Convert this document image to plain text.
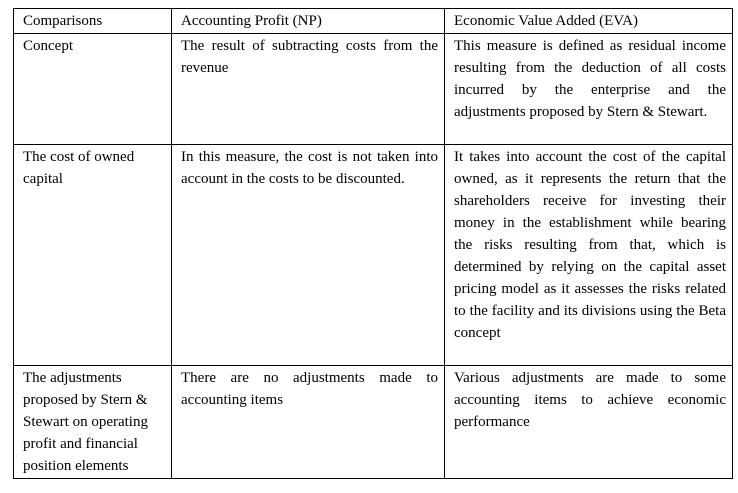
Comparisons	Accounting Profit (NP)	Economic Value Added (EVA)
Concept	The result of subtracting costs from the revenue	This measure is defined as residual income resulting from the deduction of all costs incurred by the enterprise and the adjustments proposed by Stern & Stewart.
The cost of owned capital	In this measure, the cost is not taken into account in the costs to be discounted.	It takes into account the cost of the capital owned, as it represents the return that the shareholders receive for investing their money in the establishment while bearing the risks resulting from that, which is determined by relying on the capital asset pricing model as it assesses the risks related to the facility and its divisions using the Beta concept
The adjustments proposed by Stern & Stewart on operating profit and financial position elements	There are no adjustments made to accounting items	Various adjustments are made to some accounting items to achieve economic performance
